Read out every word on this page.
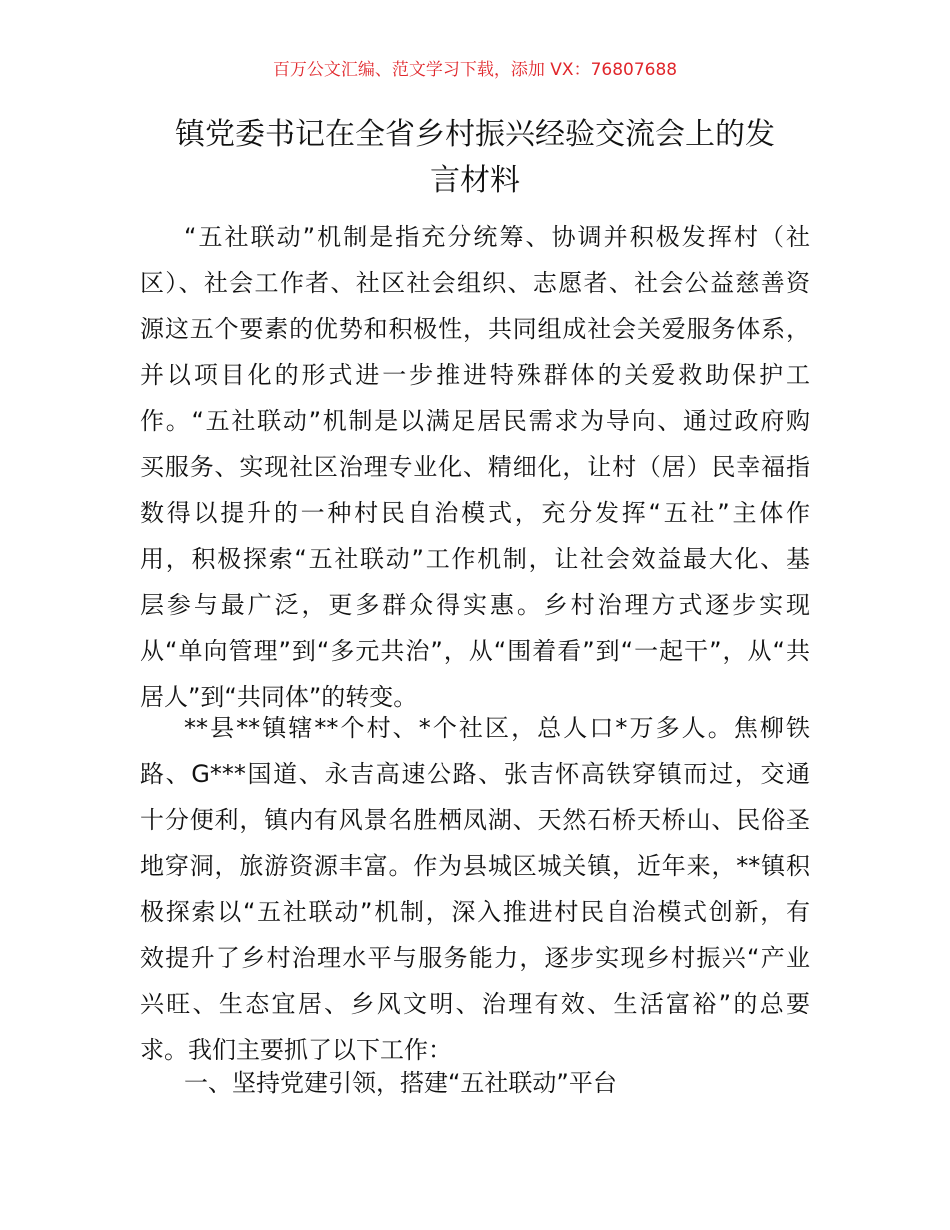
百万公文汇编、范文学习下载，添加 VX：76807688
镇党委书记在全省乡村振兴经验交流会上的发
言材料
“五社联动”机制是指充分统筹、协调并积极发挥村（社
区）、社会工作者、社区社会组织、志愿者、社会公益慈善资
源这五个要素的优势和积极性，共同组成社会关爱服务体系，
并以项目化的形式进一步推进特殊群体的关爱救助保护工
作。“五社联动”机制是以满足居民需求为导向、通过政府购
买服务、实现社区治理专业化、精细化，让村（居）民幸福指
数得以提升的一种村民自治模式，充分发挥“五社”主体作
用，积极探索“五社联动”工作机制，让社会效益最大化、基
层参与最广泛，更多群众得实惠。乡村治理方式逐步实现
从“单向管理”到“多元共治”，从“围着看”到“一起干”，从“共
居人”到“共同体”的转变。
**县**镇辖**个村、*个社区，总人口*万多人。焦柳铁
路、G***国道、永吉高速公路、张吉怀高铁穿镇而过，交通
十分便利，镇内有风景名胜栖凤湖、天然石桥天桥山、民俗圣
地穿洞，旅游资源丰富。作为县城区城关镇，近年来，**镇积
极探索以“五社联动”机制，深入推进村民自治模式创新，有
效提升了乡村治理水平与服务能力，逐步实现乡村振兴“产业
兴旺、生态宜居、乡风文明、治理有效、生活富裕”的总要
求。我们主要抓了以下工作：
一、坚持党建引领，搭建“五社联动”平台
